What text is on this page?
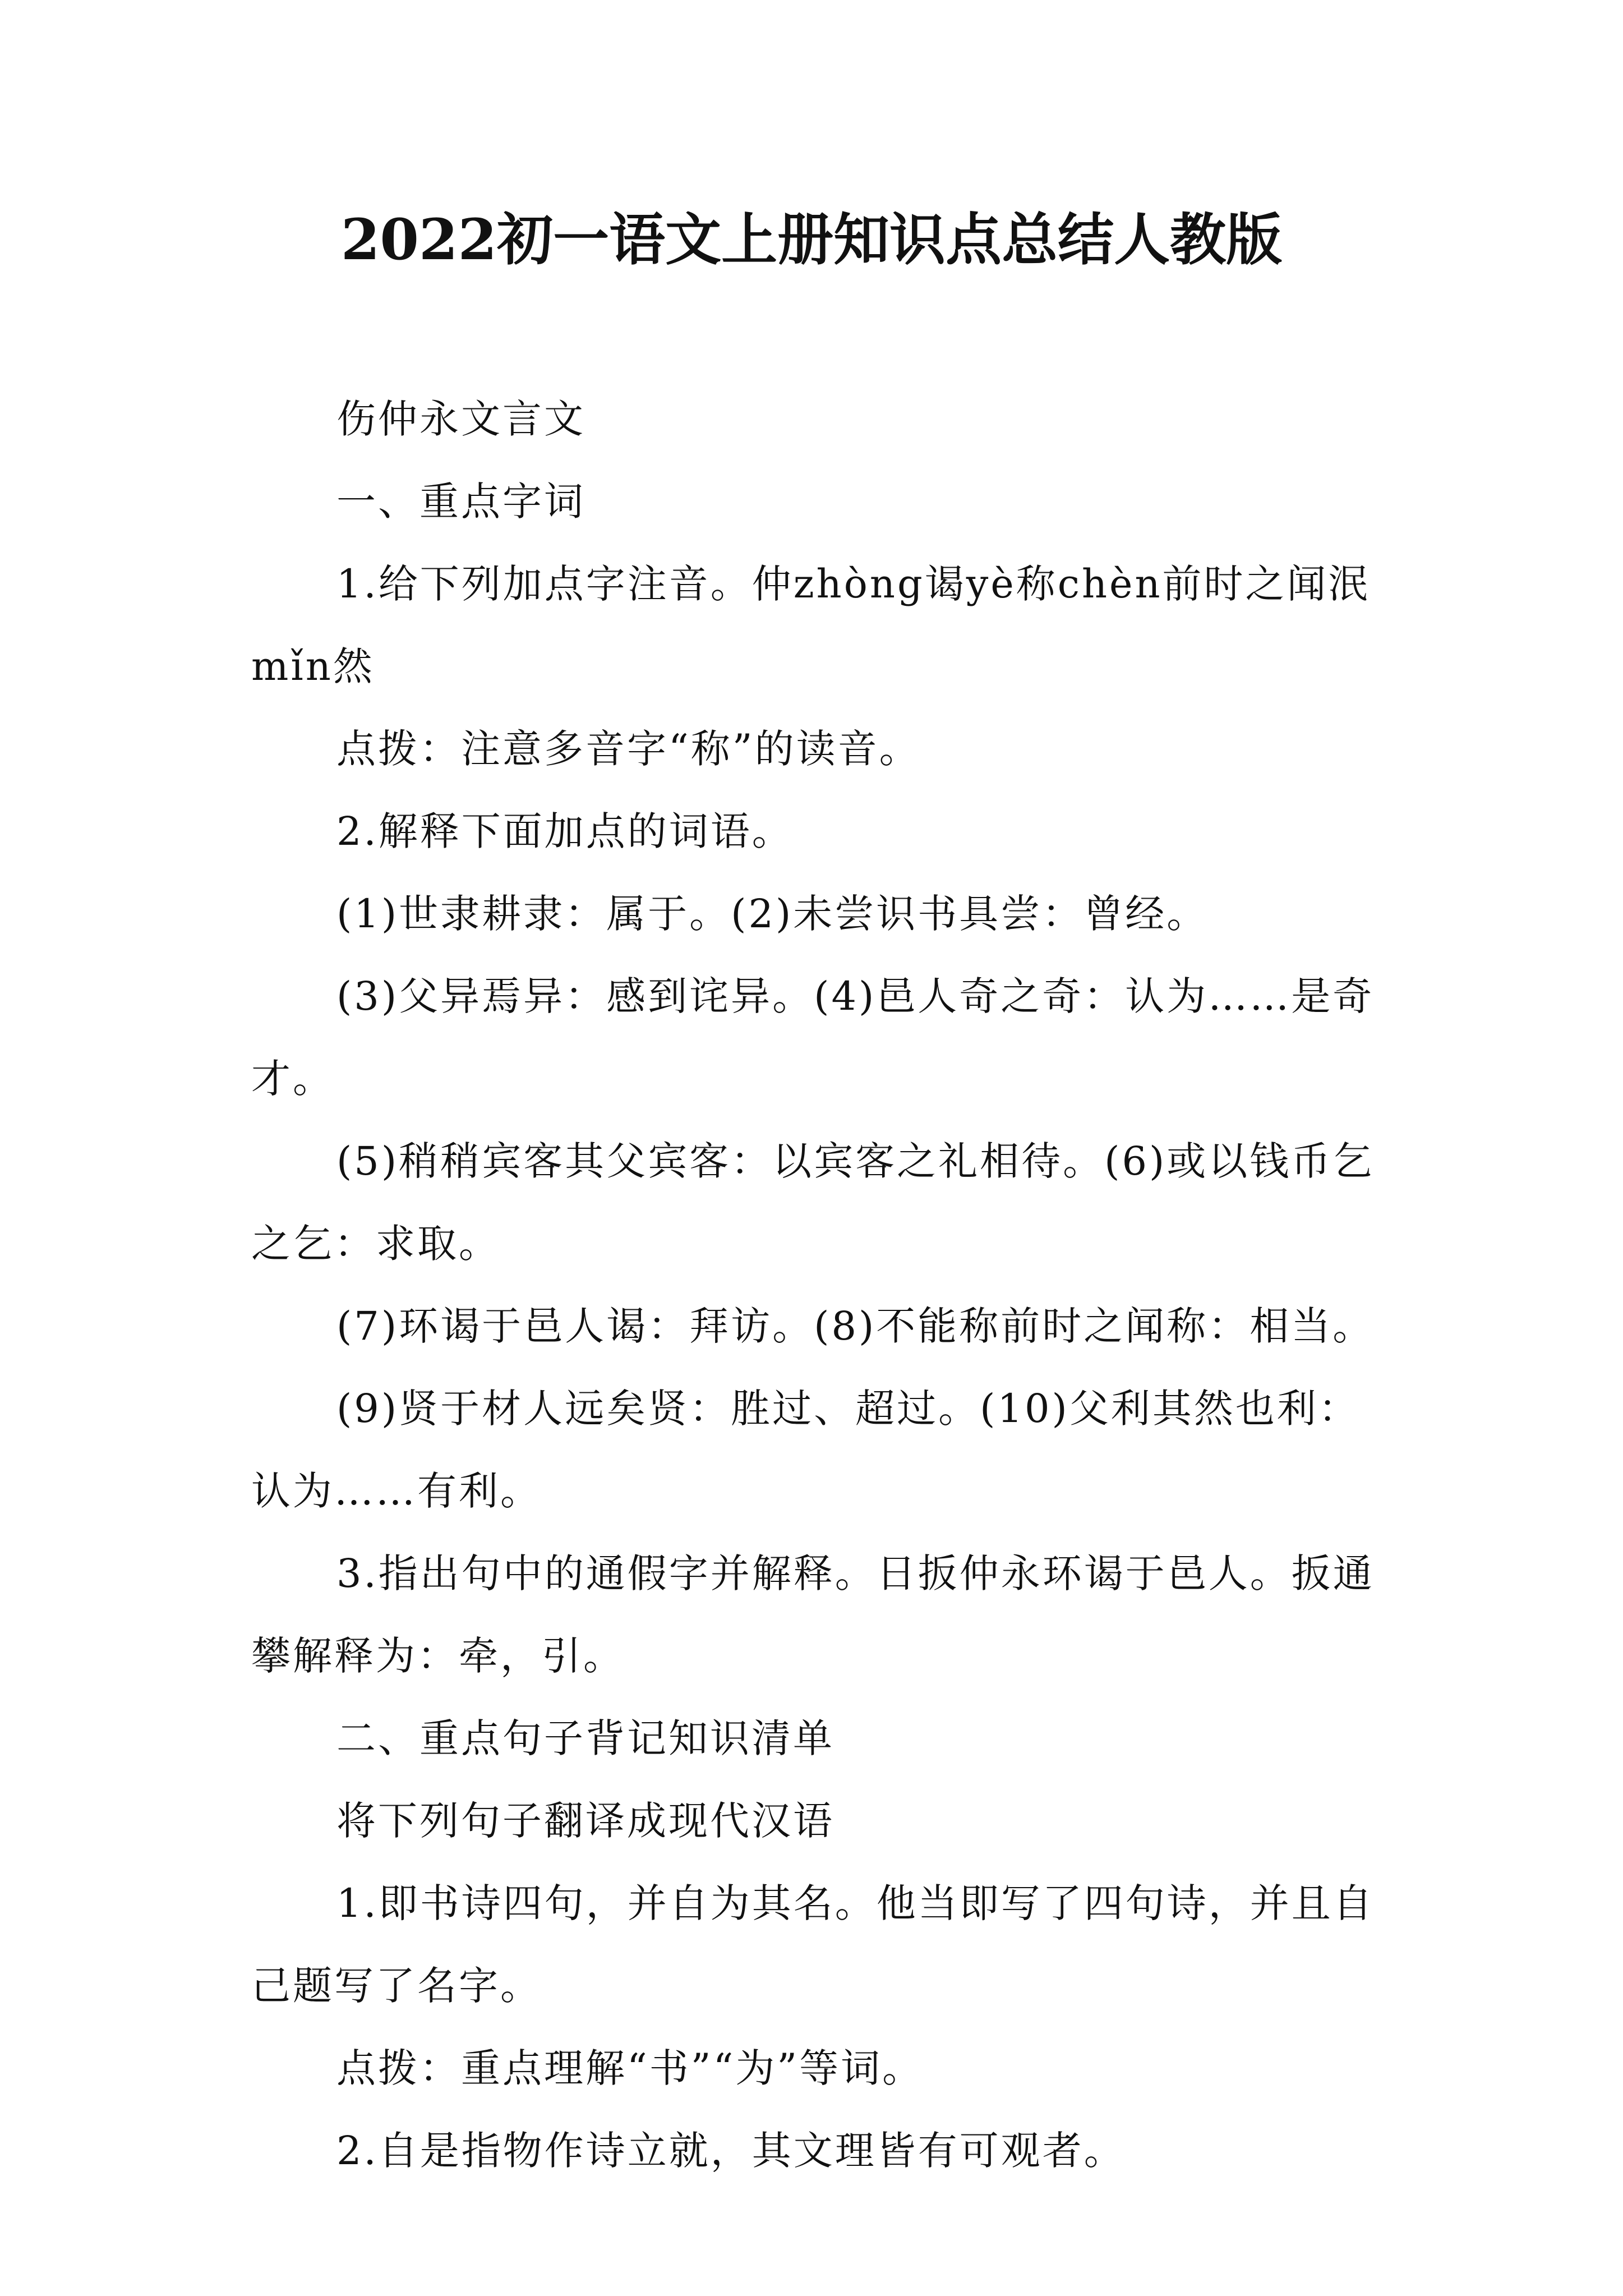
2022初一语文上册知识点总结人教版

伤仲永文言文

一、重点字词

1.给下列加点字注音。仲zhòng谒yè称chèn前时之闻泯mǐn然

点拨：注意多音字“称”的读音。

2.解释下面加点的词语。

(1)世隶耕隶：属于。(2)未尝识书具尝：曾经。

(3)父异焉异：感到诧异。(4)邑人奇之奇：认为……是奇才。

(5)稍稍宾客其父宾客：以宾客之礼相待。(6)或以钱币乞之乞：求取。

(7)环谒于邑人谒：拜访。(8)不能称前时之闻称：相当。

(9)贤于材人远矣贤：胜过、超过。(10)父利其然也利：认为……有利。

3.指出句中的通假字并解释。日扳仲永环谒于邑人。扳通攀解释为：牵，引。

二、重点句子背记知识清单

将下列句子翻译成现代汉语

1.即书诗四句，并自为其名。他当即写了四句诗，并且自己题写了名字。

点拨：重点理解“书”“为”等词。

2.自是指物作诗立就，其文理皆有可观者。
